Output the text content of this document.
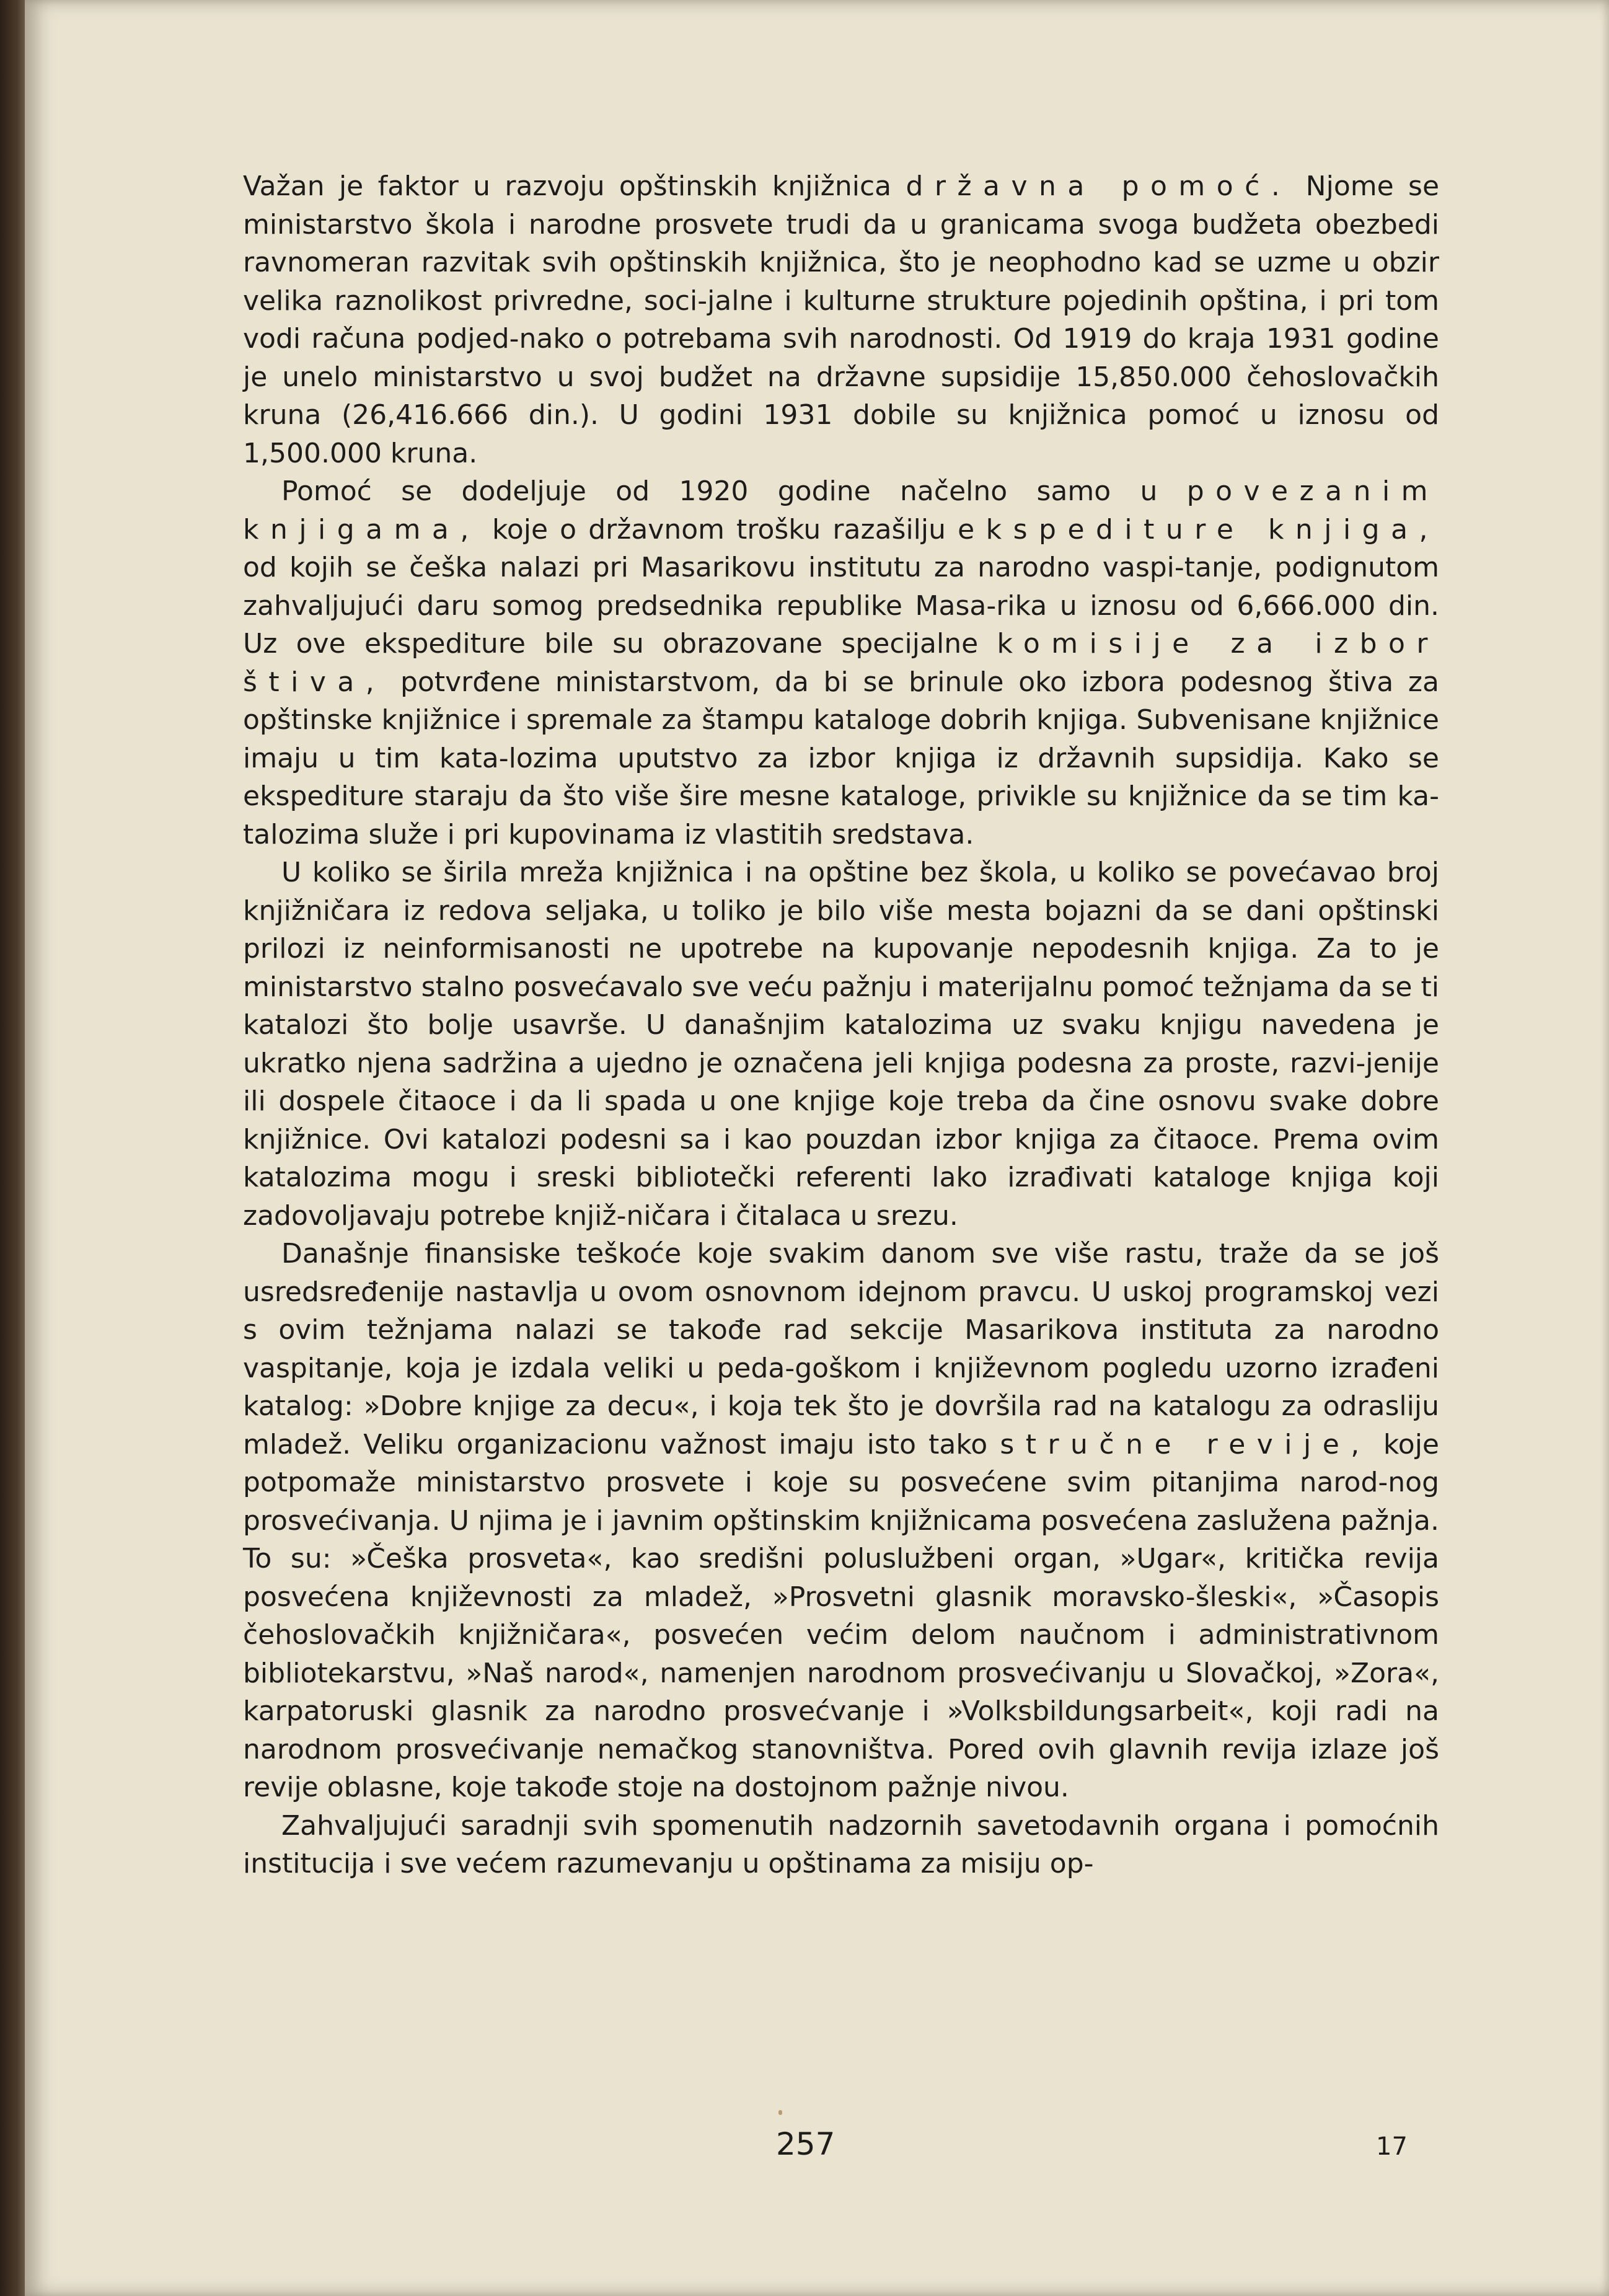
Važan je faktor u razvoju opštinskih knjižnica državna pomoć. Njome se ministarstvo škola i narodne prosvete trudi da u granicama svoga budžeta obezbedi ravnomeran razvitak svih opštinskih knjižnica, što je neophodno kad se uzme u obzir velika raznolikost privredne, soci-jalne i kulturne strukture pojedinih opština, i pri tom vodi računa podjed-nako o potrebama svih narodnosti. Od 1919 do kraja 1931 godine je unelo ministarstvo u svoj budžet na državne supsidije 15,850.000 čehoslovačkih kruna (26,416.666 din.). U godini 1931 dobile su knjižnica pomoć u iznosu od 1,500.000 kruna.

Pomoć se dodeljuje od 1920 godine načelno samo u povezanim knjigama, koje o državnom trošku razašilju ekspediture knjiga, od kojih se češka nalazi pri Masarikovu institutu za narodno vaspi-tanje, podignutom zahvaljujući daru somog predsednika republike Masa-rika u iznosu od 6,666.000 din. Uz ove ekspediture bile su obrazovane specijalne komisije za izbor štiva, potvrđene ministarstvom, da bi se brinule oko izbora podesnog štiva za opštinske knjižnice i spremale za štampu kataloge dobrih knjiga. Subvenisane knjižnice imaju u tim kata-lozima uputstvo za izbor knjiga iz državnih supsidija. Kako se ekspediture staraju da što više šire mesne kataloge, privikle su knjižnice da se tim ka-talozima služe i pri kupovinama iz vlastitih sredstava.

U koliko se širila mreža knjižnica i na opštine bez škola, u koliko se povećavao broj knjižničara iz redova seljaka, u toliko je bilo više mesta bojazni da se dani opštinski prilozi iz neinformisanosti ne upotrebe na kupovanje nepodesnih knjiga. Za to je ministarstvo stalno posvećavalo sve veću pažnju i materijalnu pomoć težnjama da se ti katalozi što bolje usavrše. U današnjim katalozima uz svaku knjigu navedena je ukratko njena sadržina a ujedno je označena jeli knjiga podesna za proste, razvi-jenije ili dospele čitaoce i da li spada u one knjige koje treba da čine osnovu svake dobre knjižnice. Ovi katalozi podesni sa i kao pouzdan izbor knjiga za čitaoce. Prema ovim katalozima mogu i sreski bibliotečki referenti lako izrađivati kataloge knjiga koji zadovoljavaju potrebe knjiž-ničara i čitalaca u srezu.

Današnje finansiske teškoće koje svakim danom sve više rastu, traže da se još usredsređenije nastavlja u ovom osnovnom idejnom pravcu. U uskoj programskoj vezi s ovim težnjama nalazi se takođe rad sekcije Masarikova instituta za narodno vaspitanje, koja je izdala veliki u peda-goškom i književnom pogledu uzorno izrađeni katalog: »Dobre knjige za decu«, i koja tek što je dovršila rad na katalogu za odrasliju mladež. Veliku organizacionu važnost imaju isto tako stručne revije, koje potpomaže ministarstvo prosvete i koje su posvećene svim pitanjima narod-nog prosvećivanja. U njima je i javnim opštinskim knjižnicama posvećena zaslužena pažnja. To su: »Češka prosveta«, kao središni poluslužbeni organ, »Ugar«, kritička revija posvećena književnosti za mladež, »Prosvetni glasnik moravsko-šleski«, »Časopis čehoslovačkih knjižničara«, posvećen većim delom naučnom i administrativnom bibliotekarstvu, »Naš narod«, namenjen narodnom prosvećivanju u Slovačkoj, »Zora«, karpatoruski glasnik za narodno prosvećvanje i »Volksbildungsarbeit«, koji radi na narodnom prosvećivanje nemačkog stanovništva. Pored ovih glavnih revija izlaze još revije oblasne, koje takođe stoje na dostojnom pažnje nivou.

Zahvaljujući saradnji svih spomenutih nadzornih savetodavnih organa i pomoćnih institucija i sve većem razumevanju u opštinama za misiju op-

257	17
